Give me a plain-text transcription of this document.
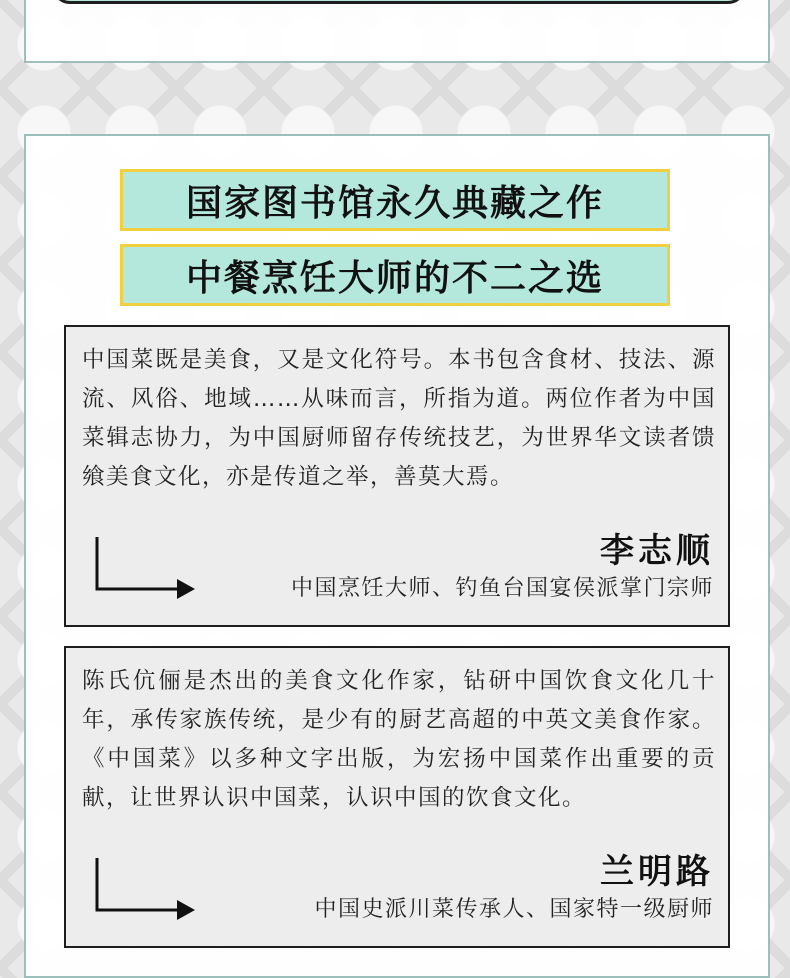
国家图书馆永久典藏之作
中餐烹饪大师的不二之选
中国菜既是美食，又是文化符号。本书包含食材、技法、源流、风俗、地域……从味而言，所指为道。两位作者为中国菜辑志协力，为中国厨师留存传统技艺，为世界华文读者馈飨美食文化，亦是传道之举，善莫大焉。
李志顺
中国烹饪大师、钓鱼台国宴侯派掌门宗师
陈氏伉俪是杰出的美食文化作家，钻研中国饮食文化几十年，承传家族传统，是少有的厨艺高超的中英文美食作家。《中国菜》以多种文字出版，为宏扬中国菜作出重要的贡献，让世界认识中国菜，认识中国的饮食文化。
兰明路
中国史派川菜传承人、国家特一级厨师
